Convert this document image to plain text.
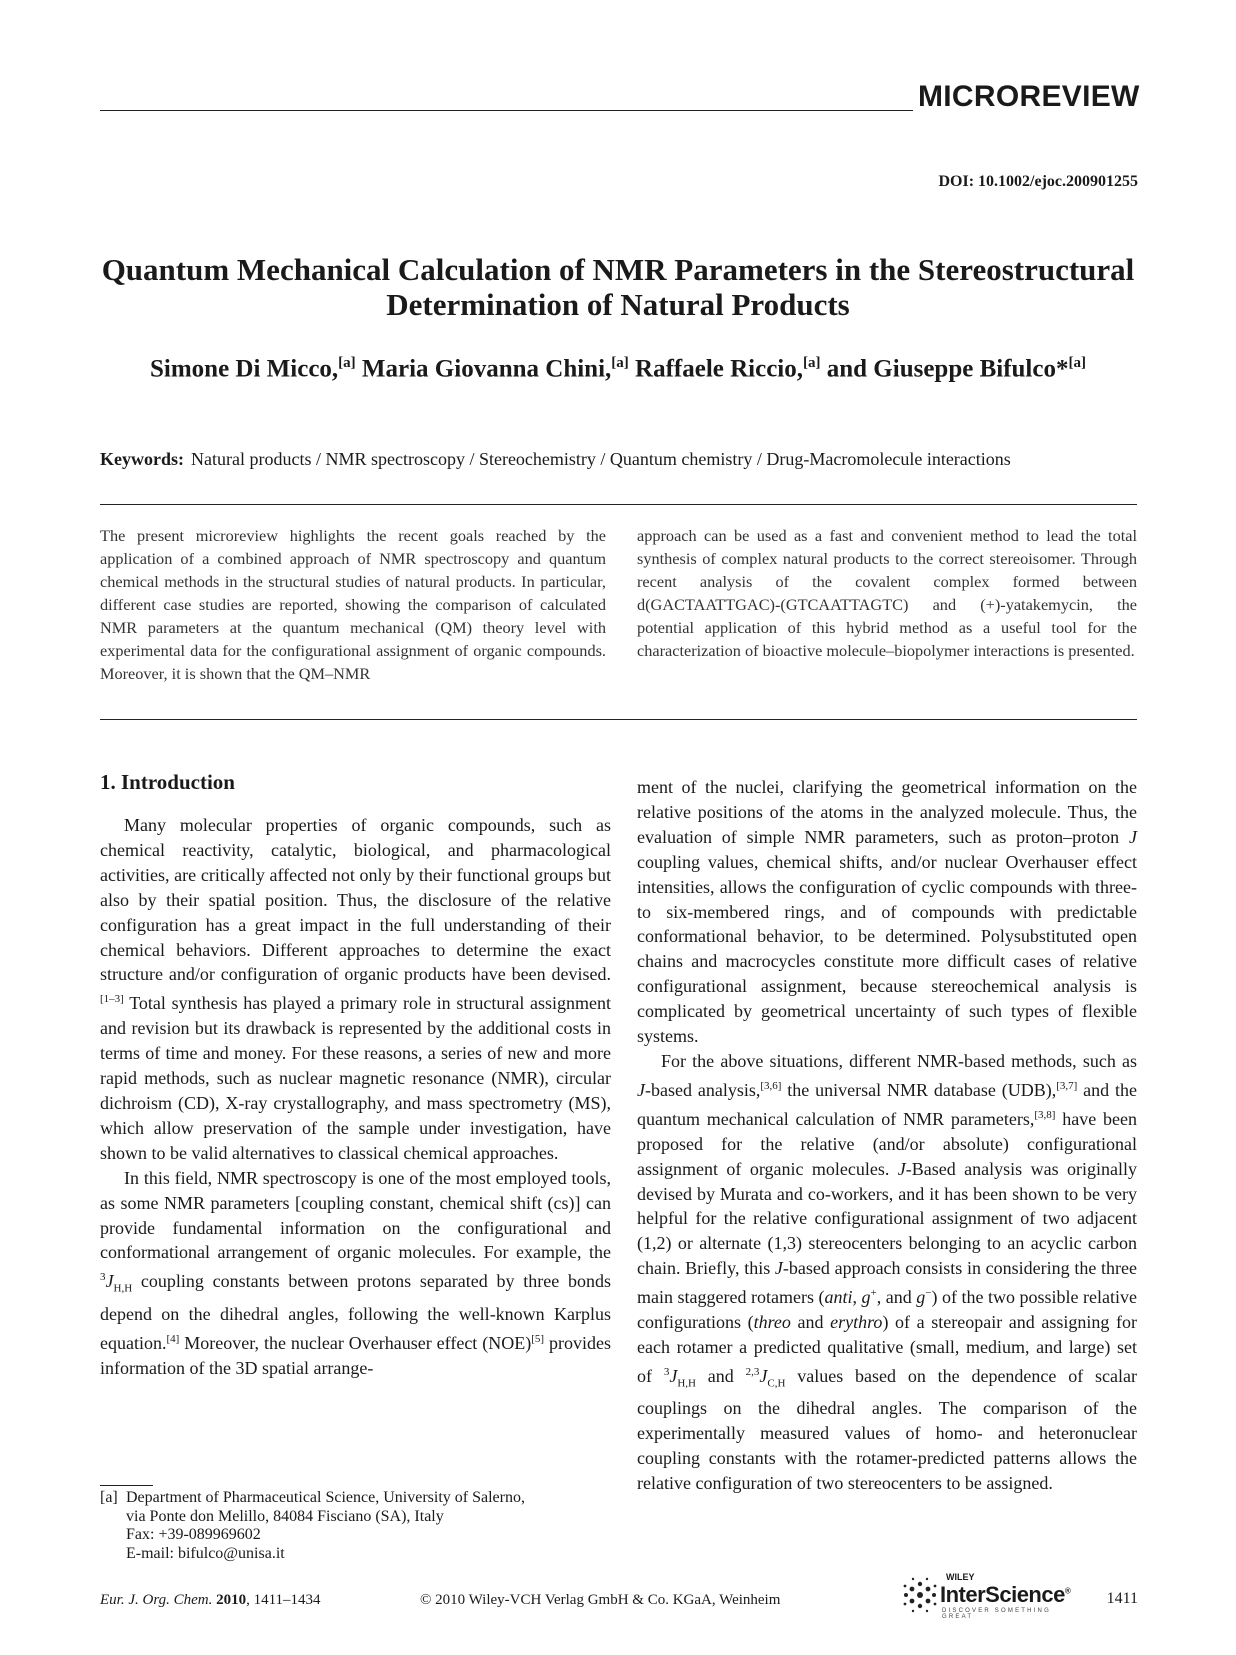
MICROREVIEW
DOI: 10.1002/ejoc.200901255
Quantum Mechanical Calculation of NMR Parameters in the Stereostructural
Determination of Natural Products
Simone Di Micco,[a] Maria Giovanna Chini,[a] Raffaele Riccio,[a] and Giuseppe Bifulco*[a]
Keywords: Natural products / NMR spectroscopy / Stereochemistry / Quantum chemistry / Drug-Macromolecule interactions
The present microreview highlights the recent goals reached by the application of a combined approach of NMR spectroscopy and quantum chemical methods in the structural studies of natural products. In particular, different case studies are reported, showing the comparison of calculated NMR parameters at the quantum mechanical (QM) theory level with experimental data for the configurational assignment of organic compounds. Moreover, it is shown that the QM–NMR
approach can be used as a fast and convenient method to lead the total synthesis of complex natural products to the correct stereoisomer. Through recent analysis of the covalent complex formed between d(GACTAATTGAC)-(GTCAATTAGTC) and (+)-yatakemycin, the potential application of this hybrid method as a useful tool for the characterization of bioactive molecule–biopolymer interactions is presented.
1. Introduction

Many molecular properties of organic compounds, such as chemical reactivity, catalytic, biological, and pharmacological activities, are critically affected not only by their functional groups but also by their spatial position. Thus, the disclosure of the relative configuration has a great impact in the full understanding of their chemical behaviors. Different approaches to determine the exact structure and/or configuration of organic products have been devised.[1–3] Total synthesis has played a primary role in structural assignment and revision but its drawback is represented by the additional costs in terms of time and money. For these reasons, a series of new and more rapid methods, such as nuclear magnetic resonance (NMR), circular dichroism (CD), X-ray crystallography, and mass spectrometry (MS), which allow preservation of the sample under investigation, have shown to be valid alternatives to classical chemical approaches.

In this field, NMR spectroscopy is one of the most employed tools, as some NMR parameters [coupling constant, chemical shift (cs)] can provide fundamental information on the configurational and conformational arrangement of organic molecules. For example, the $^3J_{H,H}$ coupling constants between protons separated by three bonds depend on the dihedral angles, following the well-known Karplus equation.[4] Moreover, the nuclear Overhauser effect (NOE)[5] provides information of the 3D spatial arrange-

ment of the nuclei, clarifying the geometrical information on the relative positions of the atoms in the analyzed molecule. Thus, the evaluation of simple NMR parameters, such as proton–proton J coupling values, chemical shifts, and/or nuclear Overhauser effect intensities, allows the configuration of cyclic compounds with three- to six-membered rings, and of compounds with predictable conformational behavior, to be determined. Polysubstituted open chains and macrocycles constitute more difficult cases of relative configurational assignment, because stereochemical analysis is complicated by geometrical uncertainty of such types of flexible systems.

For the above situations, different NMR-based methods, such as J-based analysis,[3,6] the universal NMR database (UDB),[3,7] and the quantum mechanical calculation of NMR parameters,[3,8] have been proposed for the relative (and/or absolute) configurational assignment of organic molecules. J-Based analysis was originally devised by Murata and co-workers, and it has been shown to be very helpful for the relative configurational assignment of two adjacent (1,2) or alternate (1,3) stereocenters belonging to an acyclic carbon chain. Briefly, this J-based approach consists in considering the three main staggered rotamers (anti, g+, and g−) of the two possible relative configurations (threo and erythro) of a stereopair and assigning for each rotamer a predicted qualitative (small, medium, and large) set of $^3J_{H,H}$ and $^{2,3}J_{C,H}$ values based on the dependence of scalar couplings on the dihedral angles. The comparison of the experimentally measured values of homo- and heteronuclear coupling constants with the rotamer-predicted patterns allows the relative configuration of two stereocenters to be assigned.

[a] Department of Pharmaceutical Science, University of Salerno,
via Ponte don Melillo, 84084 Fisciano (SA), Italy
Fax: +39-089969602
E-mail: bifulco@unisa.it
Eur. J. Org. Chem. 2010, 1411–1434	© 2010 Wiley-VCH Verlag GmbH & Co. KGaA, Weinheim
WILEY
InterScience®
DISCOVER SOMETHING GREAT
1411
